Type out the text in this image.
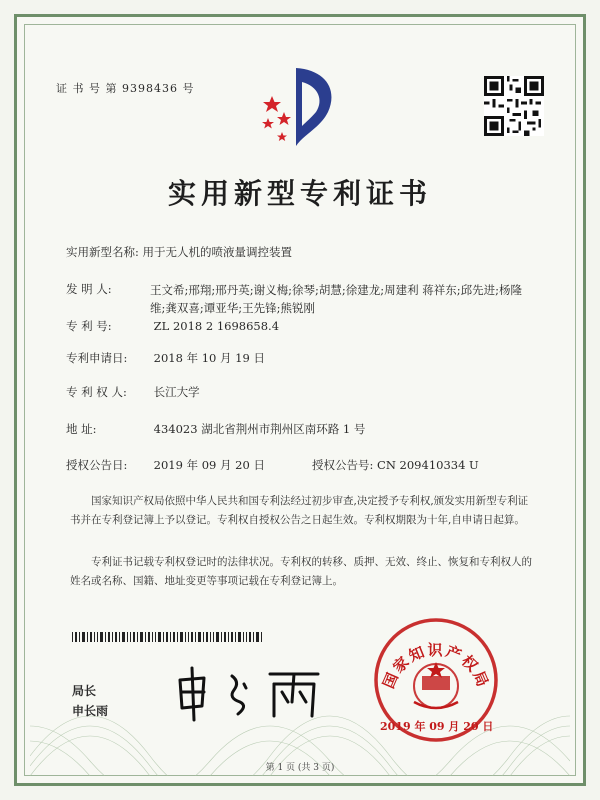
证 书 号 第 9398436 号
实用新型专利证书
实用新型名称: 用于无人机的喷液量调控装置
发 明 人:	王文希;邢翔;邢丹英;谢义梅;徐琴;胡慧;徐建龙;周建利 蒋祥东;邱先进;杨隆维;龚双喜;谭亚华;王先锋;熊锐刚
专 利 号:	ZL 2018 2 1698658.4
专利申请日: 2018 年 10 月 19 日
专 利 权 人: 长江大学
地 址:	434023 湖北省荆州市荆州区南环路 1 号
授权公告日: 2019 年 09 月 20 日	授权公告号: CN 209410334 U
国家知识产权局依照中华人民共和国专利法经过初步审查,决定授予专利权,颁发实用新型专利证书并在专利登记簿上予以登记。专利权自授权公告之日起生效。专利权期限为十年,自申请日起算。
专利证书记载专利权登记时的法律状况。专利权的转移、质押、无效、终止、恢复和专利权人的姓名或名称、国籍、地址变更等事项记载在专利登记簿上。
局长
申长雨
国家知识产权局
2019 年 09 月 20 日
第 1 页 (共 3 页)
